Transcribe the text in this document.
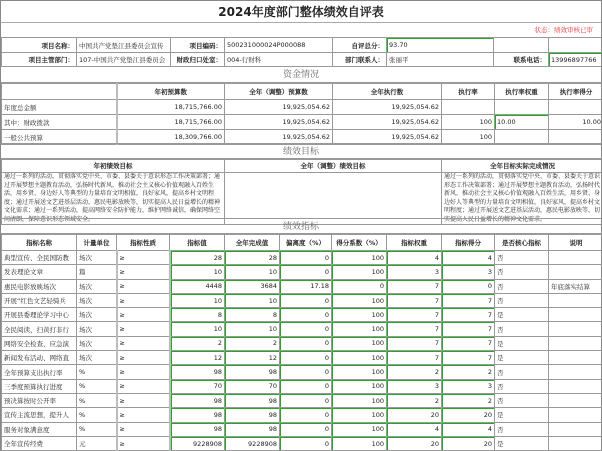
2024年度部门整体绩效自评表
状态：绩效审核已审
项目名称：	中国共产党垫江县委员会宣传	项目编码：	500231000024P000088	自评总分：	93.70		
项目主管部门：	107-中国共产党垫江县委员会	财政归口处室：	004-行财科	部门联系人：	张丽平	联系电话：	13996897766
资金情况
	年初预算数	全年（调整）预算数	全年执行数	执行率	执行率权重	执行率得分
年度总金额	18,715,766.00	19,925,054.62	19,925,054.62			
其中：财政拨款	18,715,766.00	19,925,054.62	19,925,054.62	100	10.00	10.00
一般公共预算	18,309,766.00	19,925,054.62	19,925,054.62	100		
绩效目标
年初绩效目标	全年（调整）绩效目标	全年目标实际完成情况
通过一系列的活动，贯彻落实党中央、市委、县委关于意识形态工作决策部署；通过开展梦想主题教育活动，弘扬时代新风，推动社会主义核心价值观融入百姓生活，用乡贤、身边好人等典型的力量培育文明相值，良好家风，提高乡村文明程度；通过开展送文艺进基层活动，惠民电影放映等，切实提高人民日益增长的精神文化需求；通过一系列活动，提高网络安全防护能力，维护网络诚信，确保网络空间清朗，保障意识形态领域安全。		通过一系列的活动，贯彻落实党中央、市委、县委关于意识形态工作决策部署；通过开展梦想主题教育活动，弘扬时代新风，推动社会主义核心价值观融入百姓生活，用乡贤、身边好人等典型的力量培育文明相值，良好家风，提高乡村文明程度；通过开展送文艺进基层活动，惠民电影放映等，切实提高人民日益增长的精神文化需求。
绩效指标
指标名称	计量单位	指标性质	指标值	全年完成值	偏离度（%）	得分系数（%）	指标权重	指标得分	是否核心指标	说明
典型宣传、全民国防教	场次	≥	28	28	0	100	4	4	否	
发表理论文章	篇	≥	10	10	0	100	3	3	否	
惠民电影放映场次	场次	≥	4448	3684	17.18	0	7	0	否	年底落实结算
开展“红色文艺轻骑兵	场次	≥	10	10	0	100	7	7	否	
开展县委理论学习中心	场次	≥	8	8	0	100	7	7	是	
全民阅读、扫黄打非行	场次	≥	10	10	0	100	7	7	否	
网络安全检查、应急演	场次	≥	2	2	0	100	7	7	是	
新闻发布活动、网络直	场次	≥	12	12	0	100	7	7	是	
全年预算支出执行率	%	≥	98	98	0	100	2	2	否	
三季度预算执行进度	%	≥	70	70	0	100	3	3	否	
预决算按时公开率	%	≥	98	98	0	100	2	2	否	
宣传主流思想，提升人	%	≥	98	98	0	100	20	20	是	
服务对象满意度	%	≥	98	98	0	100	4	4	否	
全年宣传经费	元	≥	9228908	9228908	0	100	20	20	是	
